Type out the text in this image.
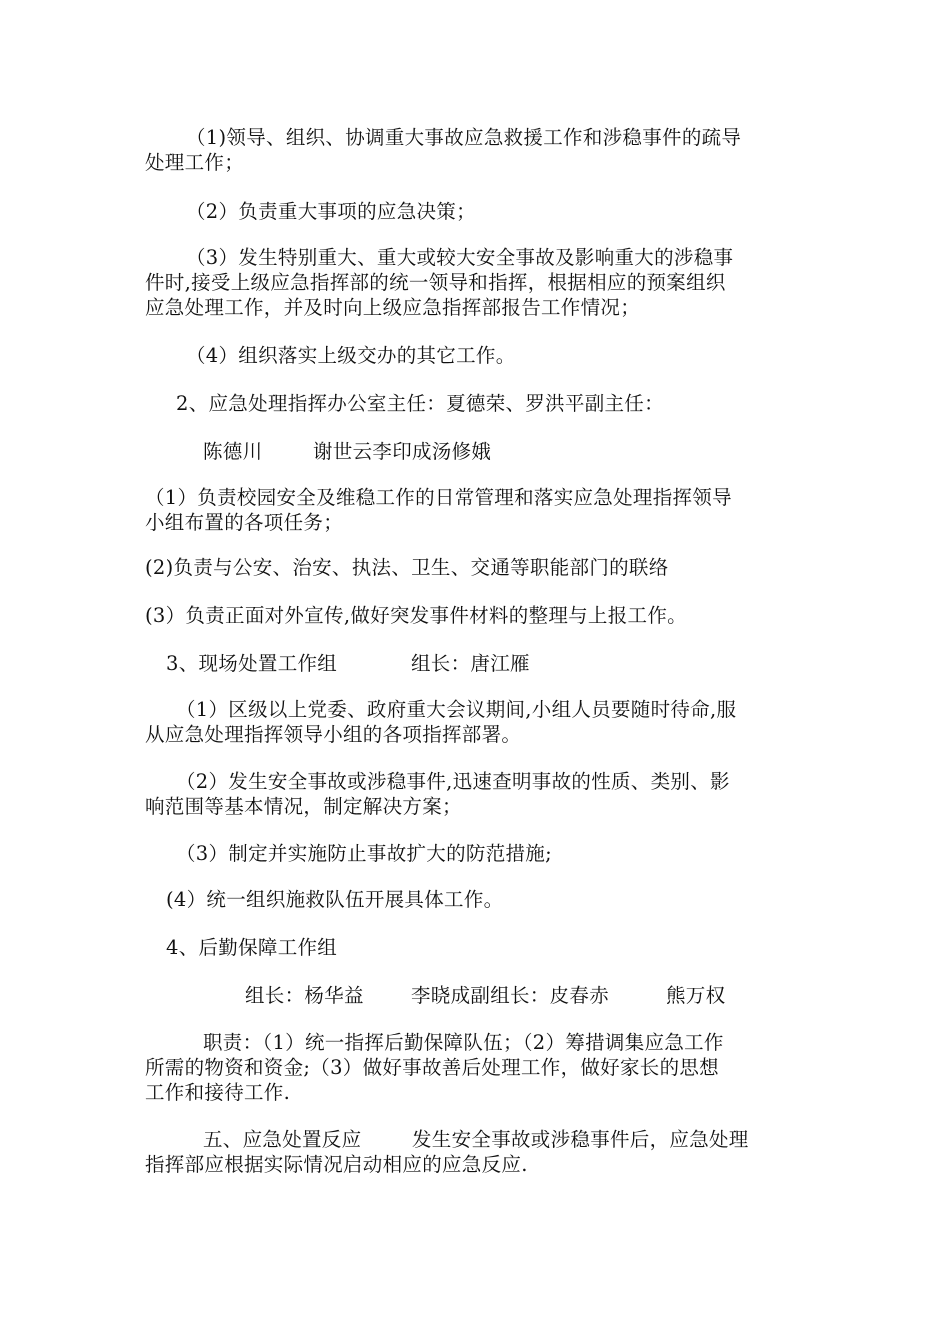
（1)领导、组织、协调重大事故应急救援工作和涉稳事件的疏导
处理工作；
（2）负责重大事项的应急决策；
（3）发生特别重大、重大或较大安全事故及影响重大的涉稳事
件时,接受上级应急指挥部的统一领导和指挥，根据相应的预案组织
应急处理工作，并及时向上级应急指挥部报告工作情况；
（4）组织落实上级交办的其它工作。
2、应急处理指挥办公室主任：夏德荣、罗洪平副主任：
陈德川	谢世云李印成汤修娥
（1）负责校园安全及维稳工作的日常管理和落实应急处理指挥领导
小组布置的各项任务；
(2)负责与公安、治安、执法、卫生、交通等职能部门的联络
(3）负责正面对外宣传,做好突发事件材料的整理与上报工作。
3、现场处置工作组	组长：唐江雁
（1）区级以上党委、政府重大会议期间,小组人员要随时待命,服
从应急处理指挥领导小组的各项指挥部署。
（2）发生安全事故或涉稳事件,迅速查明事故的性质、类别、影
响范围等基本情况，制定解决方案；
（3）制定并实施防止事故扩大的防范措施;
(4）统一组织施救队伍开展具体工作。
4、后勤保障工作组
组长：杨华益 李晓成副组长：皮春赤	熊万权
职责：（1）统一指挥后勤保障队伍；（2）筹措调集应急工作
所需的物资和资金;（3）做好事故善后处理工作，做好家长的思想
工作和接待工作.
五、应急处置反应	发生安全事故或涉稳事件后，应急处理
指挥部应根据实际情况启动相应的应急反应.
